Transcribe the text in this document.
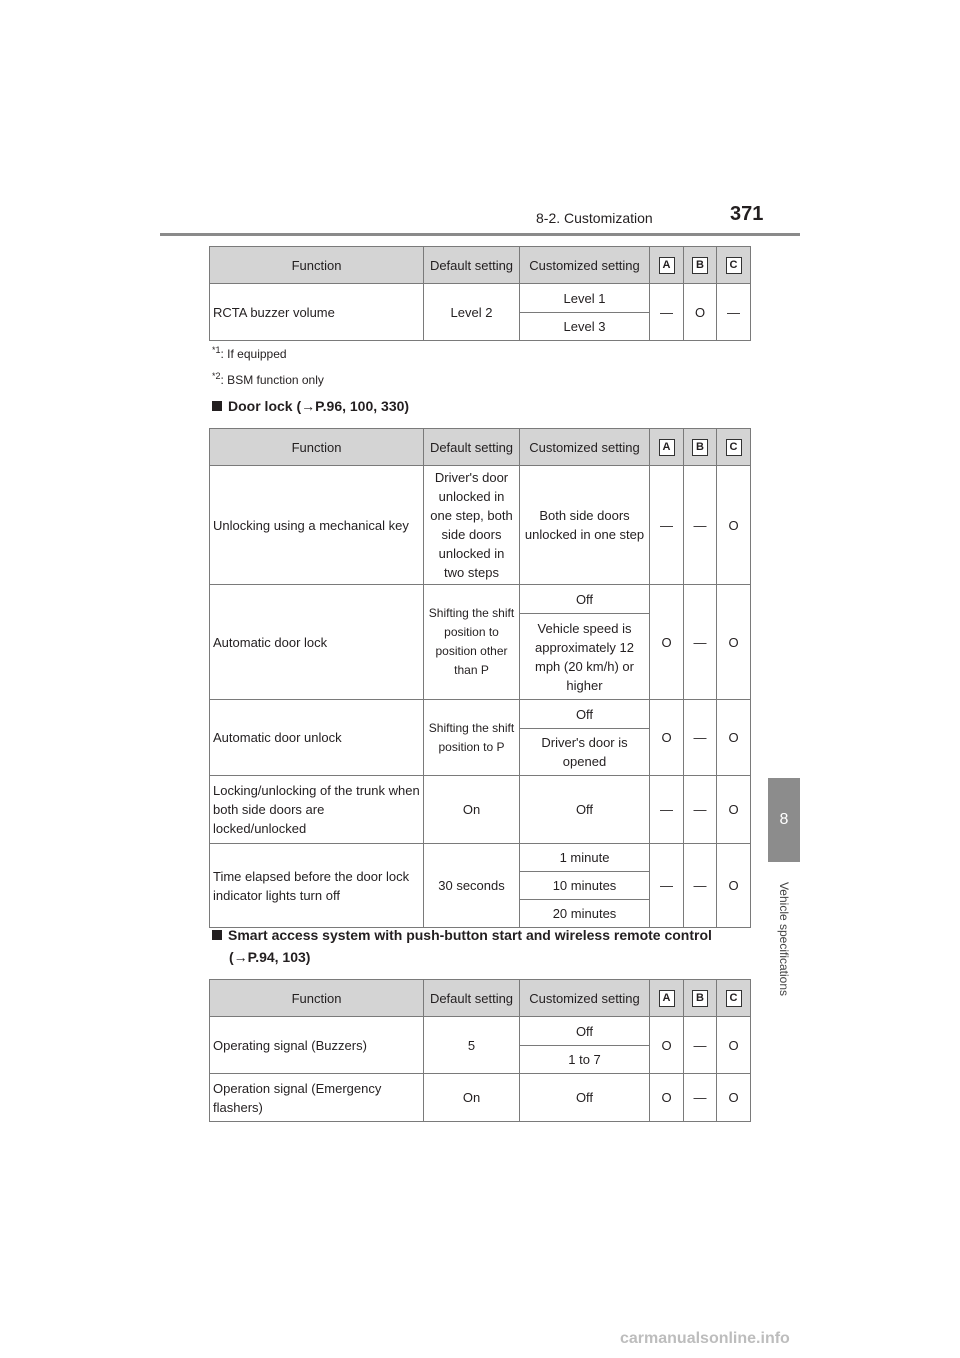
8-2. Customization	371
8
Vehicle specifications
Function	Default setting	Customized setting	A	B	C
RCTA buzzer volume	Level 2	Level 1	—	O	—
		Level 3			
$^{*1}$: If equipped
$^{*2}$: BSM function only
Door lock (→P.96, 100, 330)
Function	Default setting	Customized setting	A	B	C
Unlocking using a mechanical key	Driver's door unlocked in one step, both side doors unlocked in two steps	Both side doors unlocked in one step	—	—	O
Automatic door lock	Shifting the shift position to position other than P	Off	O	—	O
		Vehicle speed is approximately 12 mph (20 km/h) or higher			
Automatic door unlock	Shifting the shift position to P	Off	O	—	O
		Driver's door is opened			
Locking/unlocking of the trunk when both side doors are locked/unlocked	On	Off	—	—	O
Time elapsed before the door lock indicator lights turn off	30 seconds	1 minute	—	—	O
		10 minutes			
		20 minutes			
Smart access system with push-button start and wireless remote control
(→P.94, 103)
Function	Default setting	Customized setting	A	B	C
Operating signal (Buzzers)	5	Off	O	—	O
		1 to 7			
Operation signal (Emergency flashers)	On	Off	O	—	O
carmanualsonline.info
